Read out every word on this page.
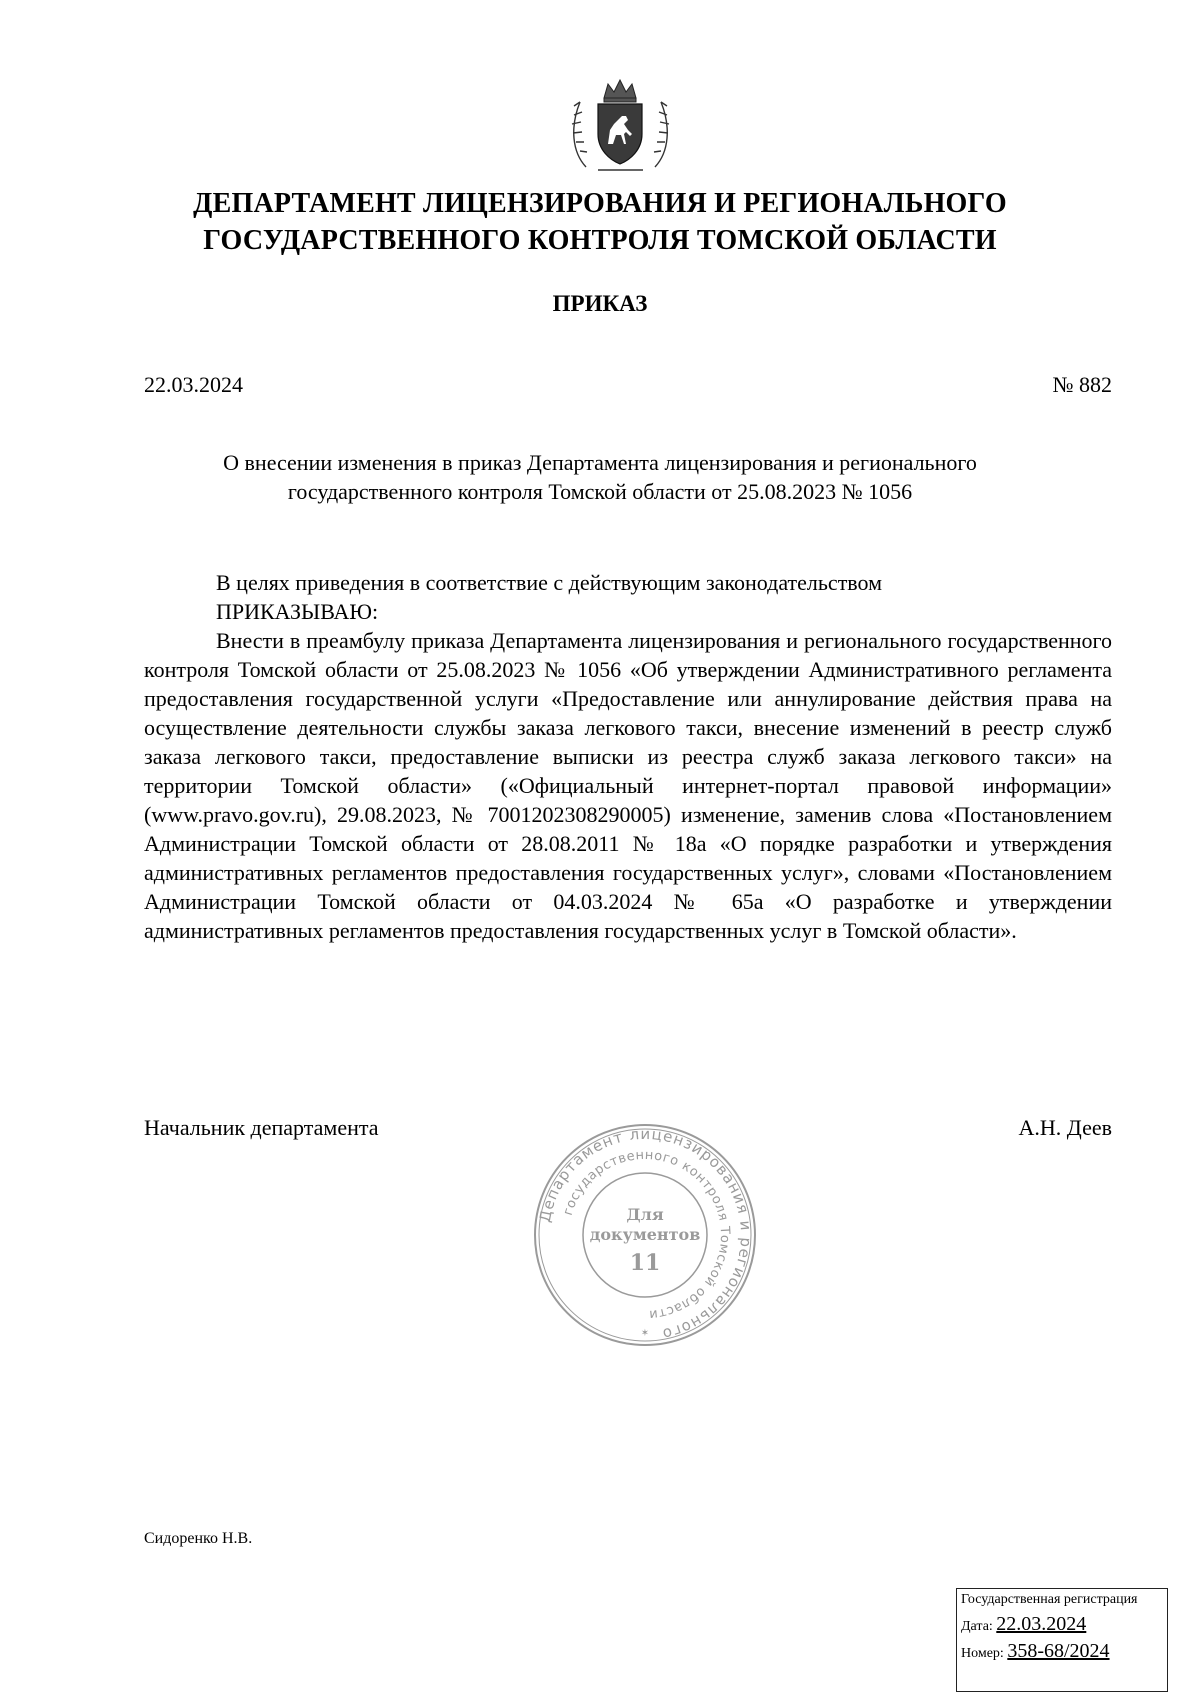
ДЕПАРТАМЕНТ ЛИЦЕНЗИРОВАНИЯ И РЕГИОНАЛЬНОГО
ГОСУДАРСТВЕННОГО КОНТРОЛЯ ТОМСКОЙ ОБЛАСТИ
ПРИКАЗ
22.03.2024	№ 882
О внесении изменения в приказ Департамента лицензирования и регионального
государственного контроля Томской области от 25.08.2023 № 1056

В целях приведения в соответствие с действующим законодательством

ПРИКАЗЫВАЮ:

Внести в преамбулу приказа Департамента лицензирования и регионального государственного контроля Томской области от 25.08.2023 № 1056 «Об утверждении Административного регламента предоставления государственной услуги «Предоставление или аннулирование действия права на осуществление деятельности службы заказа легкового такси, внесение изменений в реестр служб заказа легкового такси, предоставление выписки из реестра служб заказа легкового такси» на территории Томской области» («Официальный интернет-портал правовой информации» (www.pravo.gov.ru), 29.08.2023, № 7001202308290005) изменение, заменив слова «Постановлением Администрации Томской области от 28.08.2011 № 18а «О порядке разработки и утверждения административных регламентов предоставления государственных услуг», словами «Постановлением Администрации Томской области от 04.03.2024 № 65а «О разработке и утверждении административных регламентов предоставления государственных услуг в Томской области».

Начальник департамента	А.Н. Деев
Департамент лицензирования и регионального
государственного контроля Томской области
Для
документов
11
✶
Сидоренко Н.В.
Государственная регистрация
Дата: 22.03.2024
Номер: 358-68/2024
